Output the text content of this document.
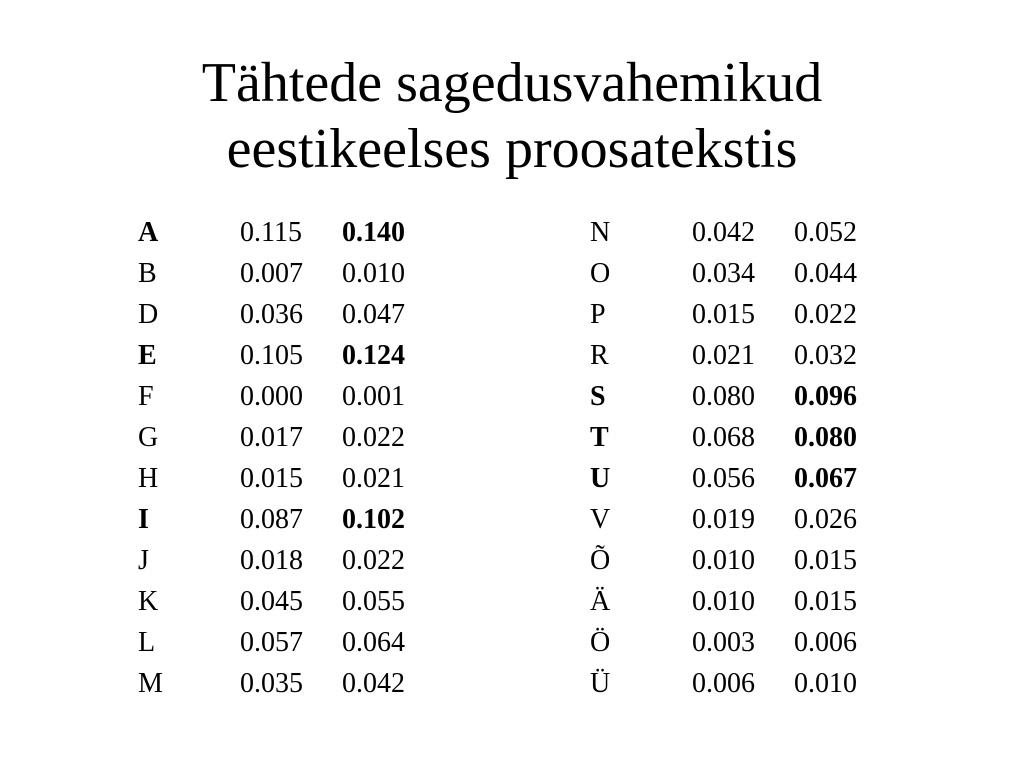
Tähtede sagedusvahemikud
eestikeelses proosatekstis
A	0.115 0.140
B	0.007 0.010
D	0.036 0.047
E	0.105 0.124
F	0.000 0.001
G	0.017 0.022
H	0.015 0.021
I	0.087 0.102
J	0.018 0.022
K	0.045 0.055
L	0.057 0.064
M	0.035 0.042
N	0.042 0.052
O	0.034 0.044
P	0.015 0.022
R	0.021 0.032
S	0.080 0.096
T	0.068 0.080
U	0.056 0.067
V	0.019 0.026
Õ	0.010 0.015
Ä	0.010 0.015
Ö	0.003 0.006
Ü	0.006 0.010
